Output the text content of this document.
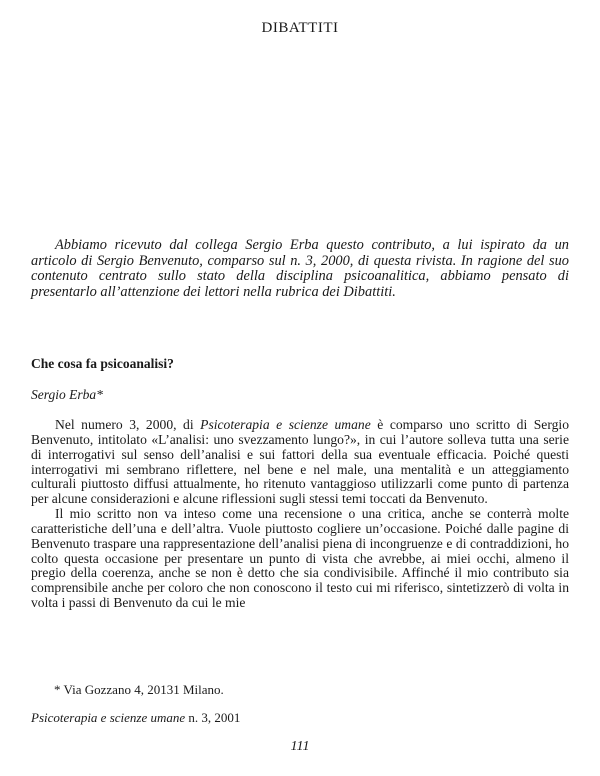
DIBATTITI

Abbiamo ricevuto dal collega Sergio Erba questo contributo, a lui ispirato da un articolo di Sergio Benvenuto, comparso sul n. 3, 2000, di questa rivista. In ragione del suo contenuto centrato sullo stato della disciplina psicoanalitica, abbiamo pensato di presentarlo all’attenzione dei lettori nella rubrica dei Dibattiti.

Che cosa fa psicoanalisi?

Sergio Erba*

Nel numero 3, 2000, di Psicoterapia e scienze umane è comparso uno scritto di Sergio Benvenuto, intitolato «L’analisi: uno svezzamento lungo?», in cui l’autore solleva tutta una serie di interrogativi sul senso dell’analisi e sui fattori della sua eventuale efficacia. Poiché questi interrogativi mi sembrano riflettere, nel bene e nel male, una mentalità e un atteggiamento culturali piuttosto diffusi attualmente, ho ritenuto vantaggioso utilizzarli come punto di partenza per alcune considerazioni e alcune riflessioni sugli stessi temi toccati da Benvenuto.

Il mio scritto non va inteso come una recensione o una critica, anche se conterrà molte caratteristiche dell’una e dell’altra. Vuole piuttosto cogliere un’occasione. Poiché dalle pagine di Benvenuto traspare una rappresentazione dell’analisi piena di incongruenze e di contraddizioni, ho colto questa occasione per presentare un punto di vista che avrebbe, ai miei occhi, almeno il pregio della coerenza, anche se non è detto che sia condivisibile. Affinché il mio contributo sia comprensibile anche per coloro che non conoscono il testo cui mi riferisco, sintetizzerò di volta in volta i passi di Benvenuto da cui le mie

* Via Gozzano 4, 20131 Milano.

Psicoterapia e scienze umane n. 3, 2001

111
